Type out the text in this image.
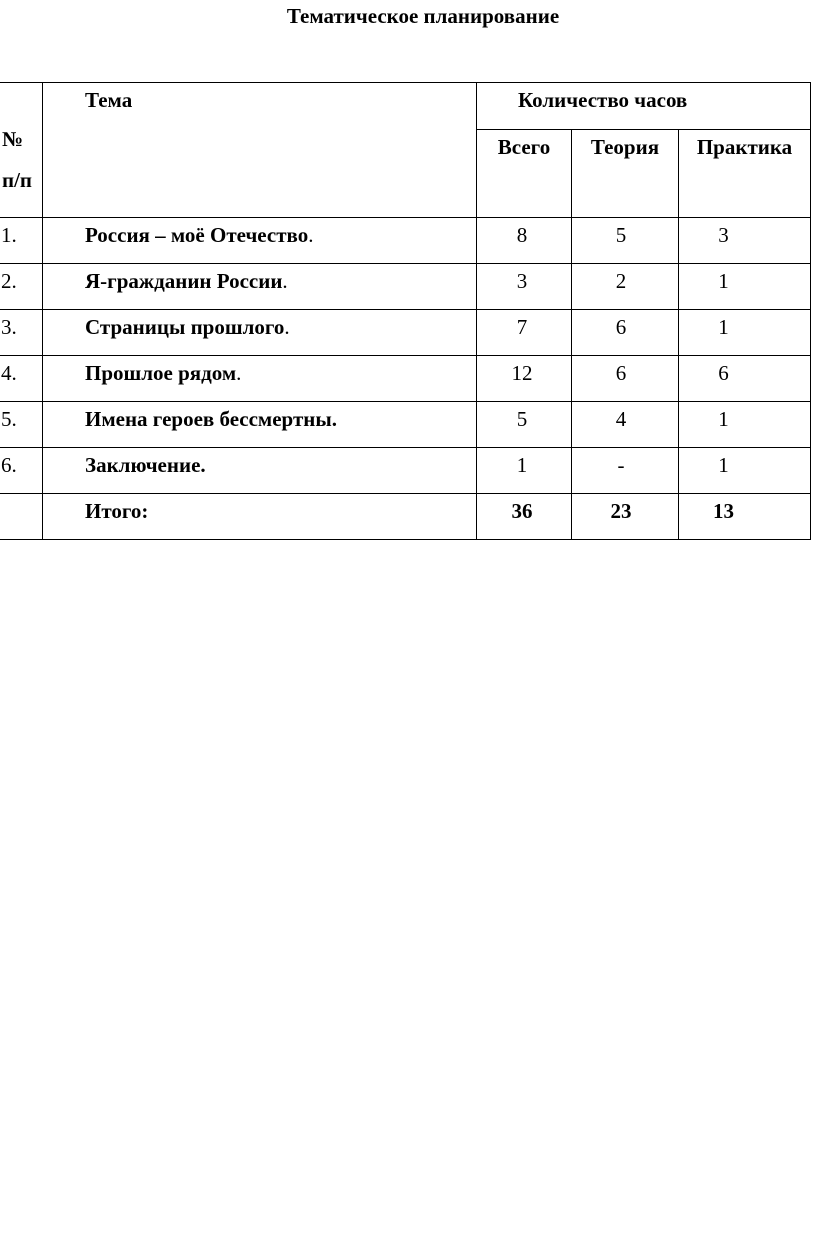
Тематическое планирование
№
п/п	Тема	Количество часов		
		Всего	Теория	Практика
1.	Россия – моё Отечество.	8	5	3
2.	Я-гражданин России.	3	2	1
3.	Страницы прошлого.	7	6	1
4.	Прошлое рядом.	12	6	6
5.	Имена героев бессмертны.	5	4	1
6.	Заключение.	1	-	1
	Итого:	36	23	13
